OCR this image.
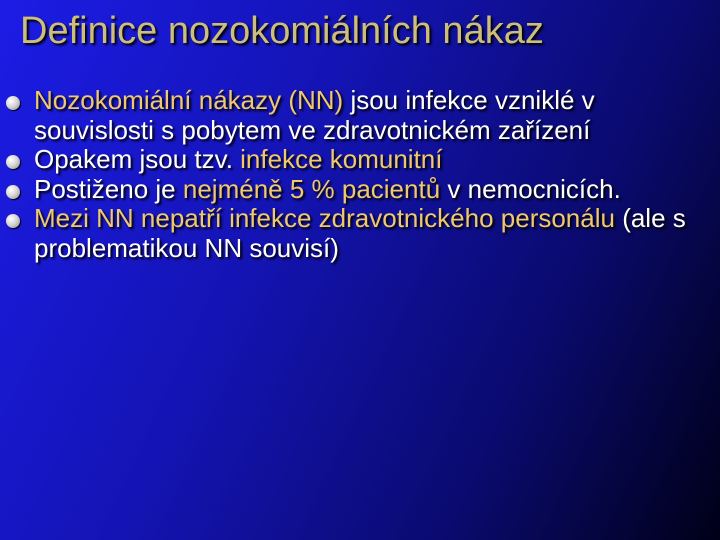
Definice nozokomiálních nákaz
Nozokomiální nákazy (NN) jsou infekce vzniklé v souvislosti s pobytem ve zdravotnickém zařízení
Opakem jsou tzv. infekce komunitní
Postiženo je nejméně 5 % pacientů v nemocnicích.
Mezi NN nepatří infekce zdravotnického personálu (ale s problematikou NN souvisí)
